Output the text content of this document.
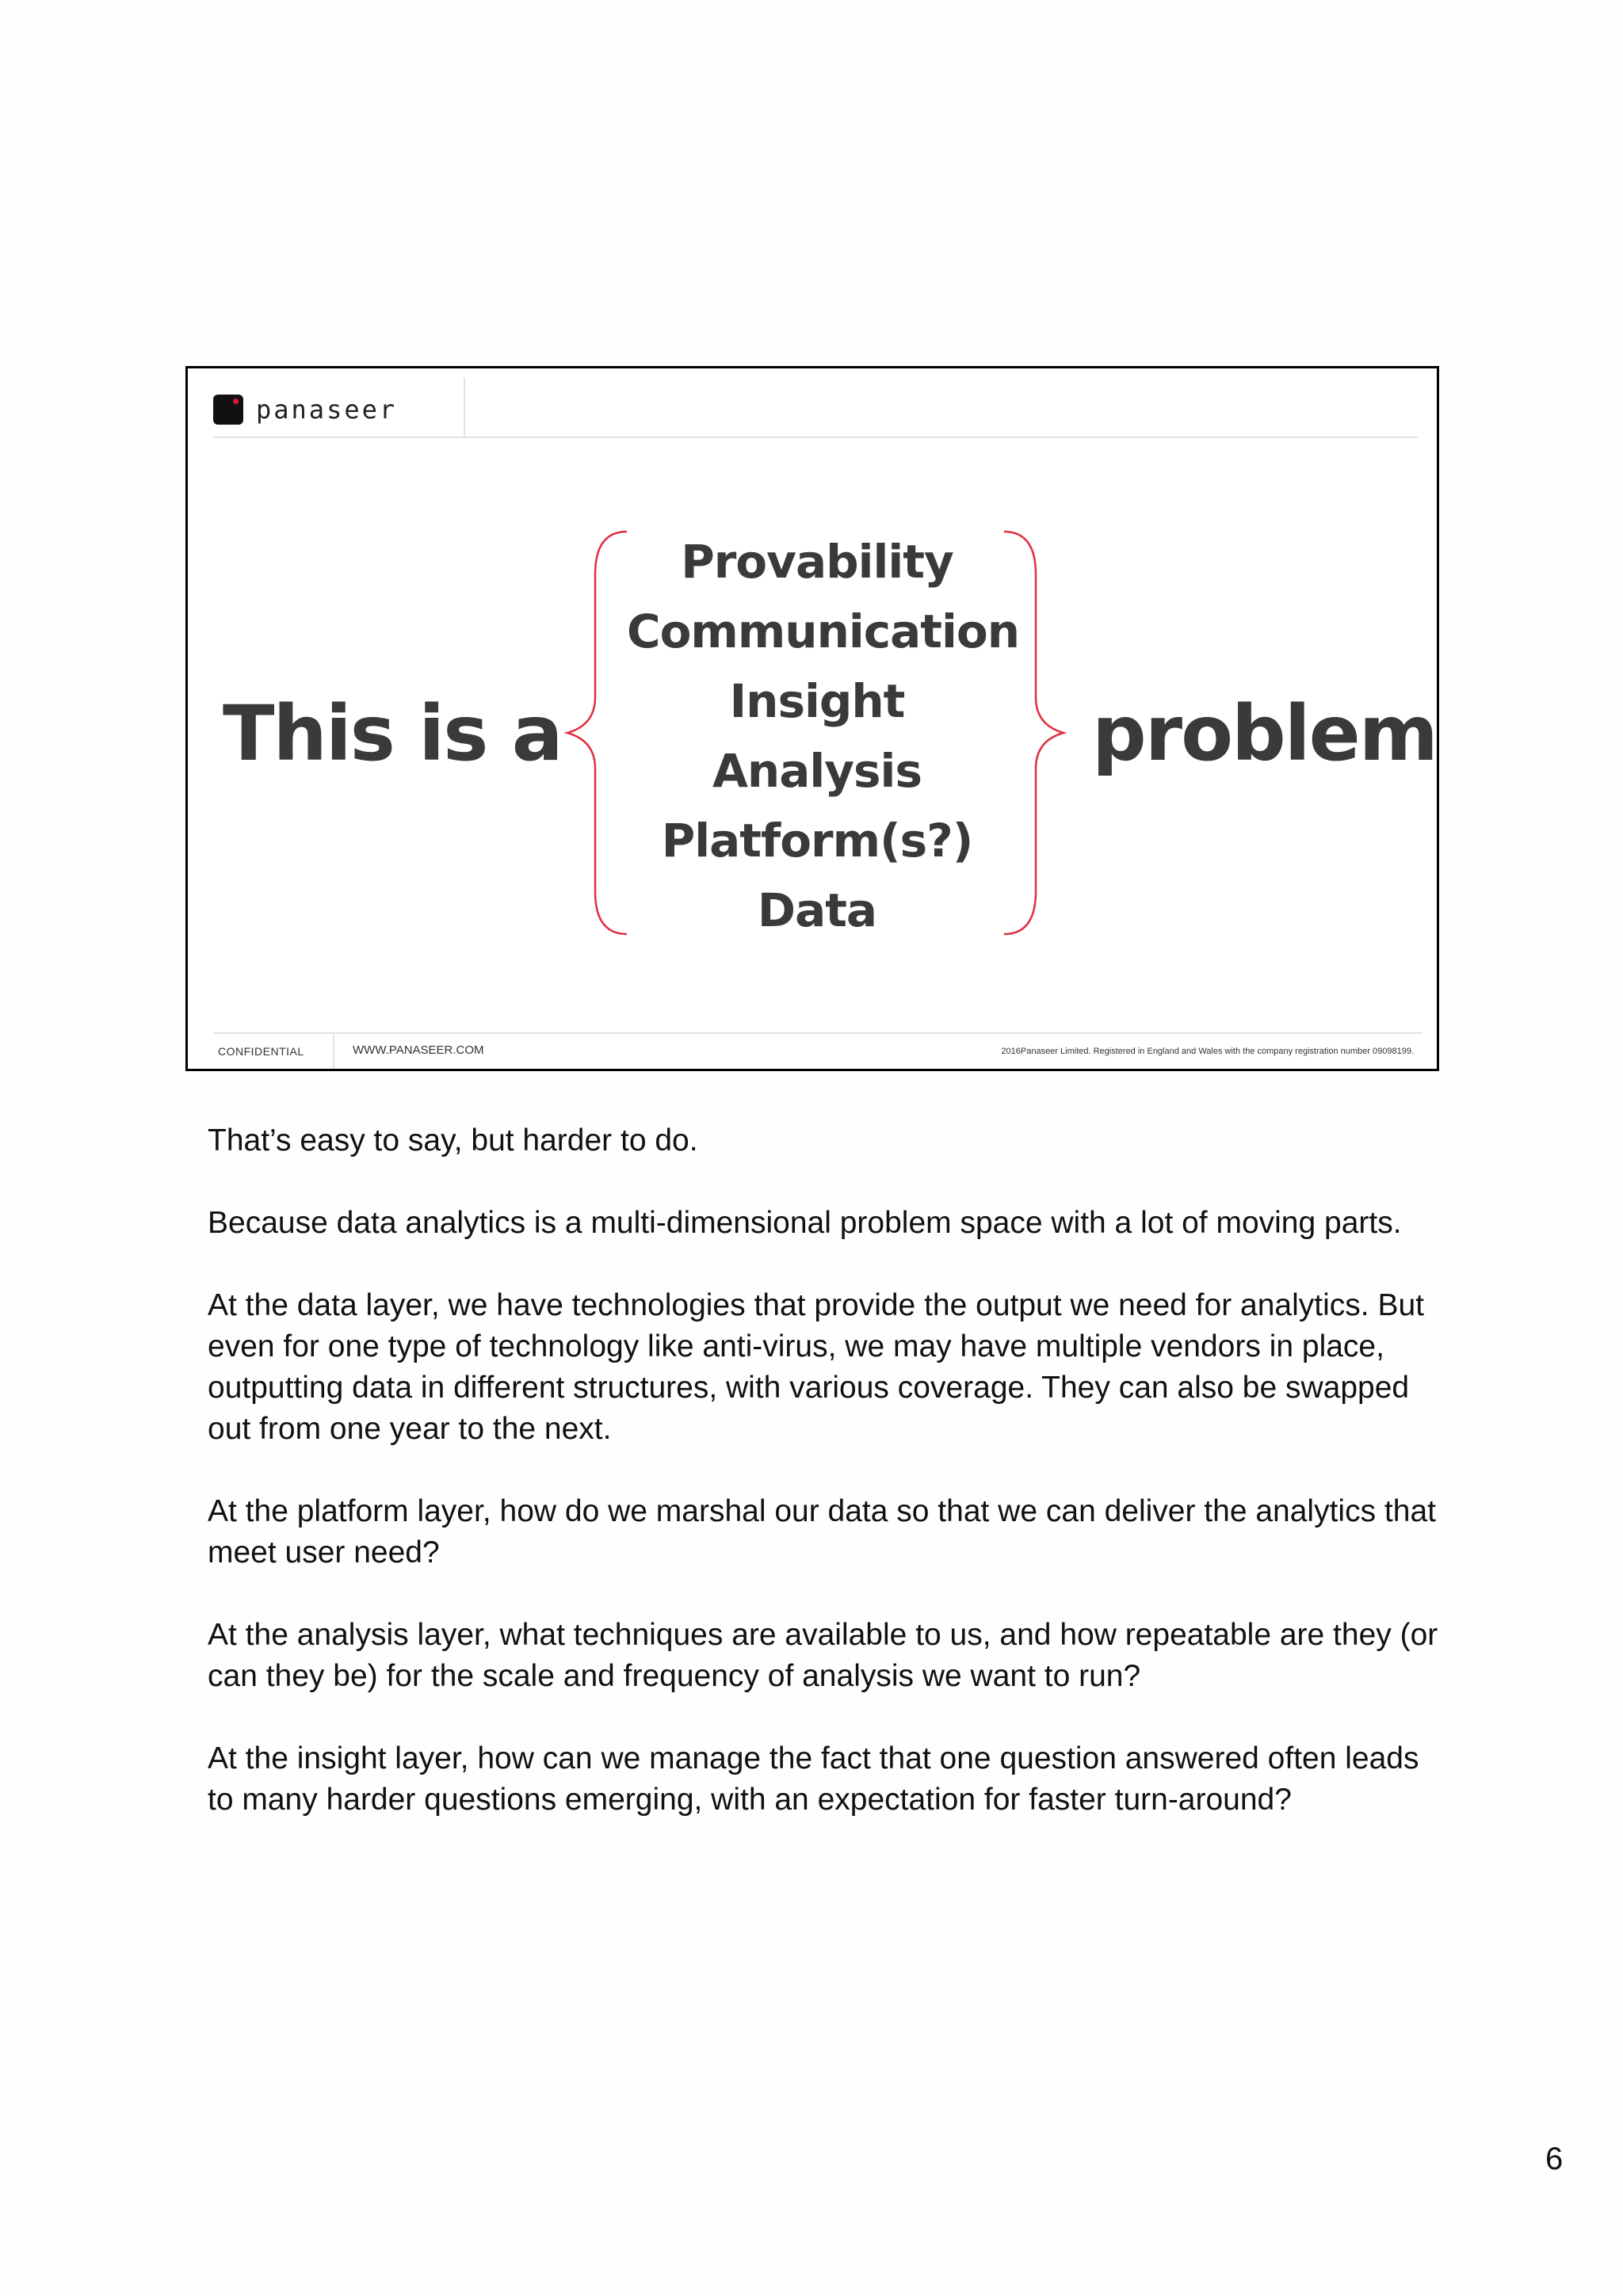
panaseer
This is a
Provability
Communication
Insight
Analysis
Platform(s?)
Data
problem
CONFIDENTIAL	WWW.PANASEER.COM	2016Panaseer Limited. Registered in England and Wales with the company registration number 09098199.

That’s easy to say, but harder to do.

Because data analytics is a multi-dimensional problem space with a lot of moving parts.

At the data layer, we have technologies that provide the output we need for analytics. But even for one type of technology like anti-virus, we may have multiple vendors in place, outputting data in different structures, with various coverage. They can also be swapped out from one year to the next.

At the platform layer, how do we marshal our data so that we can deliver the analytics that meet user need?

At the analysis layer, what techniques are available to us, and how repeatable are they (or can they be) for the scale and frequency of analysis we want to run?

At the insight layer, how can we manage the fact that one question answered often leads to many harder questions emerging, with an expectation for faster turn-around?

6
